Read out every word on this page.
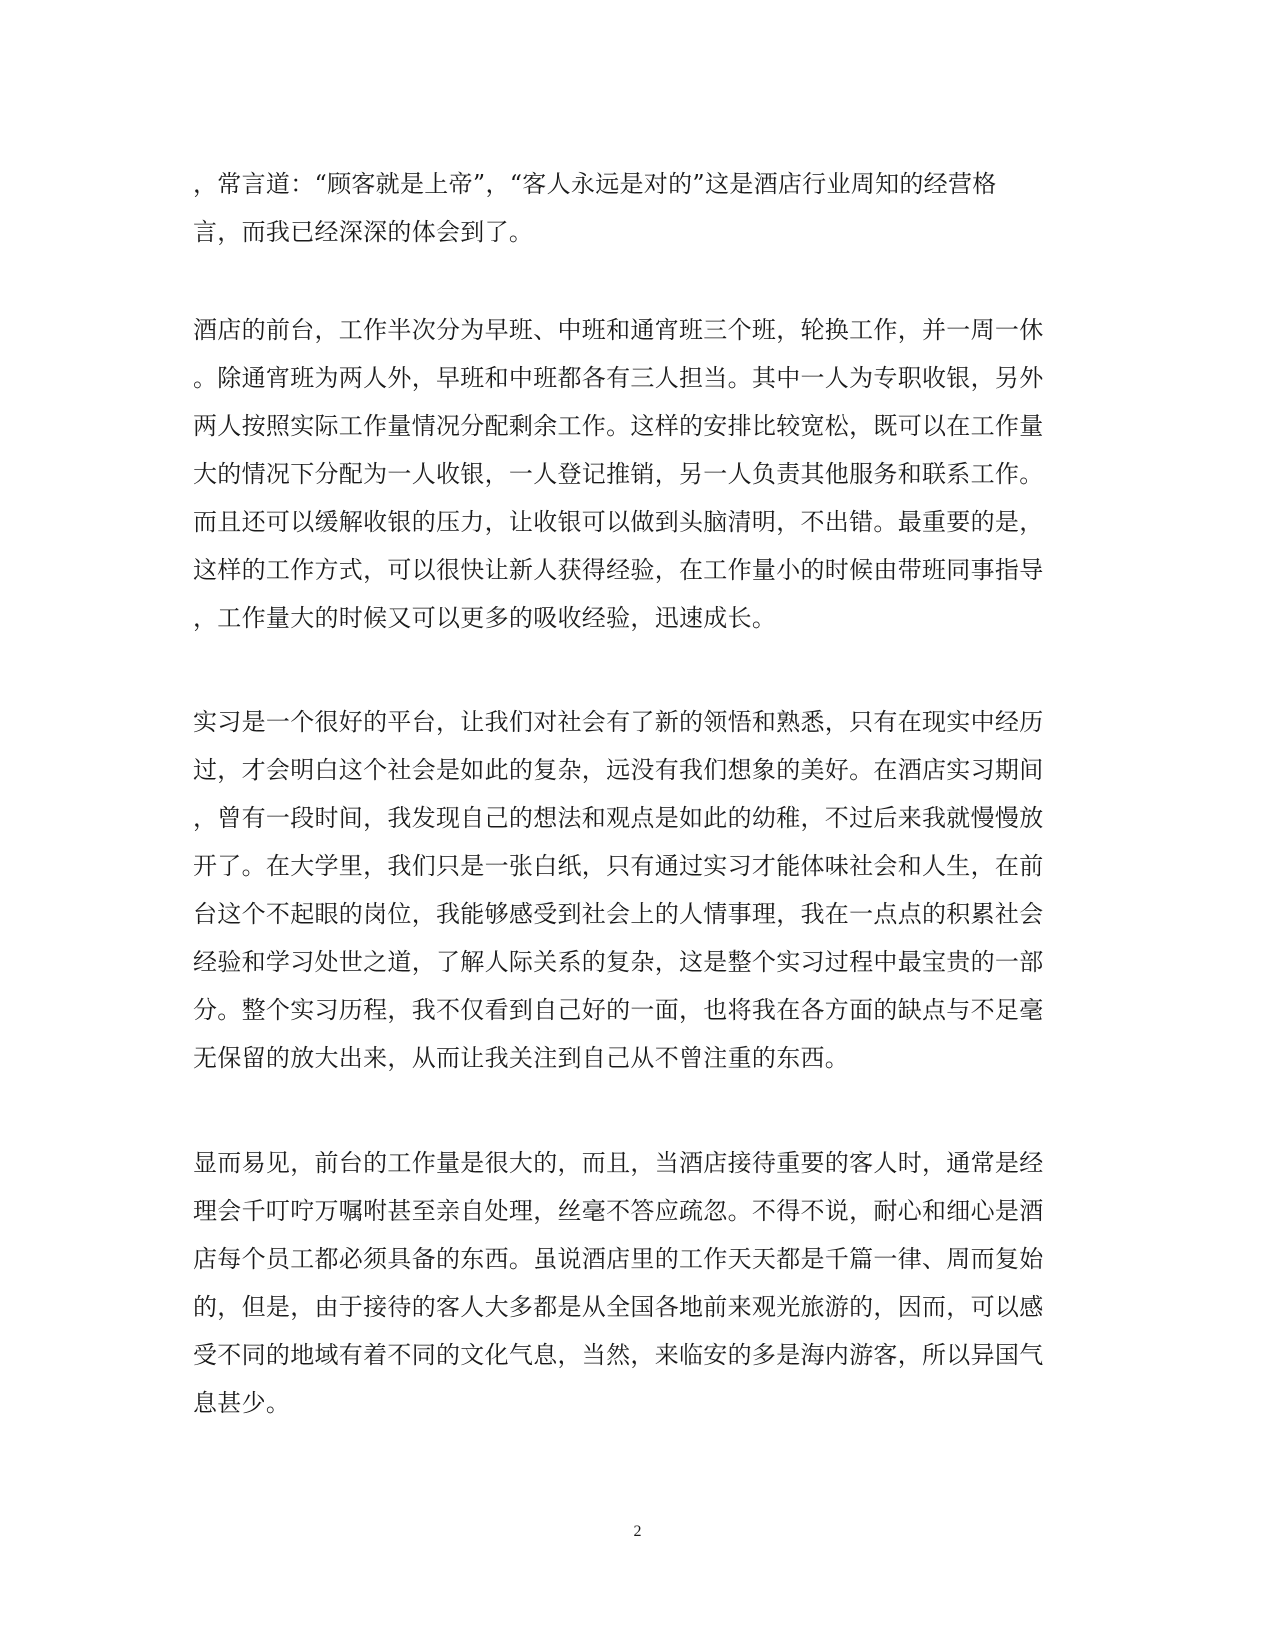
，常言道：“顾客就是上帝”，“客人永远是对的”这是酒店行业周知的经营格
言，而我已经深深的体会到了。
酒店的前台，工作半次分为早班、中班和通宵班三个班，轮换工作，并一周一休
。除通宵班为两人外，早班和中班都各有三人担当。其中一人为专职收银，另外
两人按照实际工作量情况分配剩余工作。这样的安排比较宽松，既可以在工作量
大的情况下分配为一人收银，一人登记推销，另一人负责其他服务和联系工作。
而且还可以缓解收银的压力，让收银可以做到头脑清明，不出错。最重要的是，
这样的工作方式，可以很快让新人获得经验，在工作量小的时候由带班同事指导
，工作量大的时候又可以更多的吸收经验，迅速成长。
实习是一个很好的平台，让我们对社会有了新的领悟和熟悉，只有在现实中经历
过，才会明白这个社会是如此的复杂，远没有我们想象的美好。在酒店实习期间
，曾有一段时间，我发现自己的想法和观点是如此的幼稚，不过后来我就慢慢放
开了。在大学里，我们只是一张白纸，只有通过实习才能体味社会和人生，在前
台这个不起眼的岗位，我能够感受到社会上的人情事理，我在一点点的积累社会
经验和学习处世之道，了解人际关系的复杂，这是整个实习过程中最宝贵的一部
分。整个实习历程，我不仅看到自己好的一面，也将我在各方面的缺点与不足毫
无保留的放大出来，从而让我关注到自己从不曾注重的东西。
显而易见，前台的工作量是很大的，而且，当酒店接待重要的客人时，通常是经
理会千叮咛万嘱咐甚至亲自处理，丝毫不答应疏忽。不得不说，耐心和细心是酒
店每个员工都必须具备的东西。虽说酒店里的工作天天都是千篇一律、周而复始
的，但是，由于接待的客人大多都是从全国各地前来观光旅游的，因而，可以感
受不同的地域有着不同的文化气息，当然，来临安的多是海内游客，所以异国气
息甚少。
2
